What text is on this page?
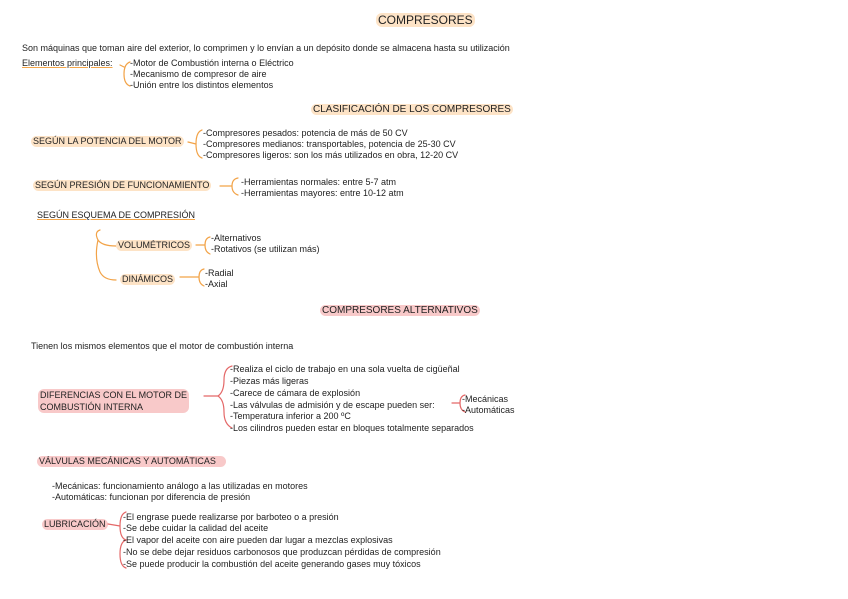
COMPRESORES
Son máquinas que toman aire del exterior, lo comprimen y lo envían a un depósito donde se almacena hasta su utilización
Elementos principales: -Motor de Combustión interna o Eléctrico
-Mecanismo de compresor de aire
-Unión entre los distintos elementos
CLASIFICACIÓN DE LOS COMPRESORES
SEGÚN LA POTENCIA DEL MOTOR
-Compresores pesados: potencia de más de 50 CV
-Compresores medianos: transportables, potencia de 25-30 CV
-Compresores ligeros: son los más utilizados en obra, 12-20 CV
SEGÚN PRESIÓN DE FUNCIONAMIENTO	-Herramientas normales: entre 5-7 atm
-Herramientas mayores: entre 10-12 atm
SEGÚN ESQUEMA DE COMPRESIÓN
VOLUMÉTRICOS
-Alternativos
-Rotativos (se utilizan más)
DINÁMICOS
-Radial
-Axial
COMPRESORES ALTERNATIVOS
Tienen los mismos elementos que el motor de combustión interna
DIFERENCIAS CON EL MOTOR DE
COMBUSTIÓN INTERNA
-Realiza el ciclo de trabajo en una sola vuelta de cigüeñal
-Piezas más ligeras
-Carece de cámara de explosión
-Las válvulas de admisión y de escape pueden ser:
-Temperatura inferior a 200 ºC
-Los cilindros pueden estar en bloques totalmente separados
-Mecánicas
-Automáticas
VÁLVULAS MECÁNICAS Y AUTOMÁTICAS
-Mecánicas: funcionamiento análogo a las utilizadas en motores
-Automáticas: funcionan por diferencia de presión
LUBRICACIÓN
-El engrase puede realizarse por barboteo o a presión
-Se debe cuidar la calidad del aceite
-El vapor del aceite con aire pueden dar lugar a mezclas explosivas
-No se debe dejar residuos carbonosos que produzcan pérdidas de compresión
-Se puede producir la combustión del aceite generando gases muy tóxicos
